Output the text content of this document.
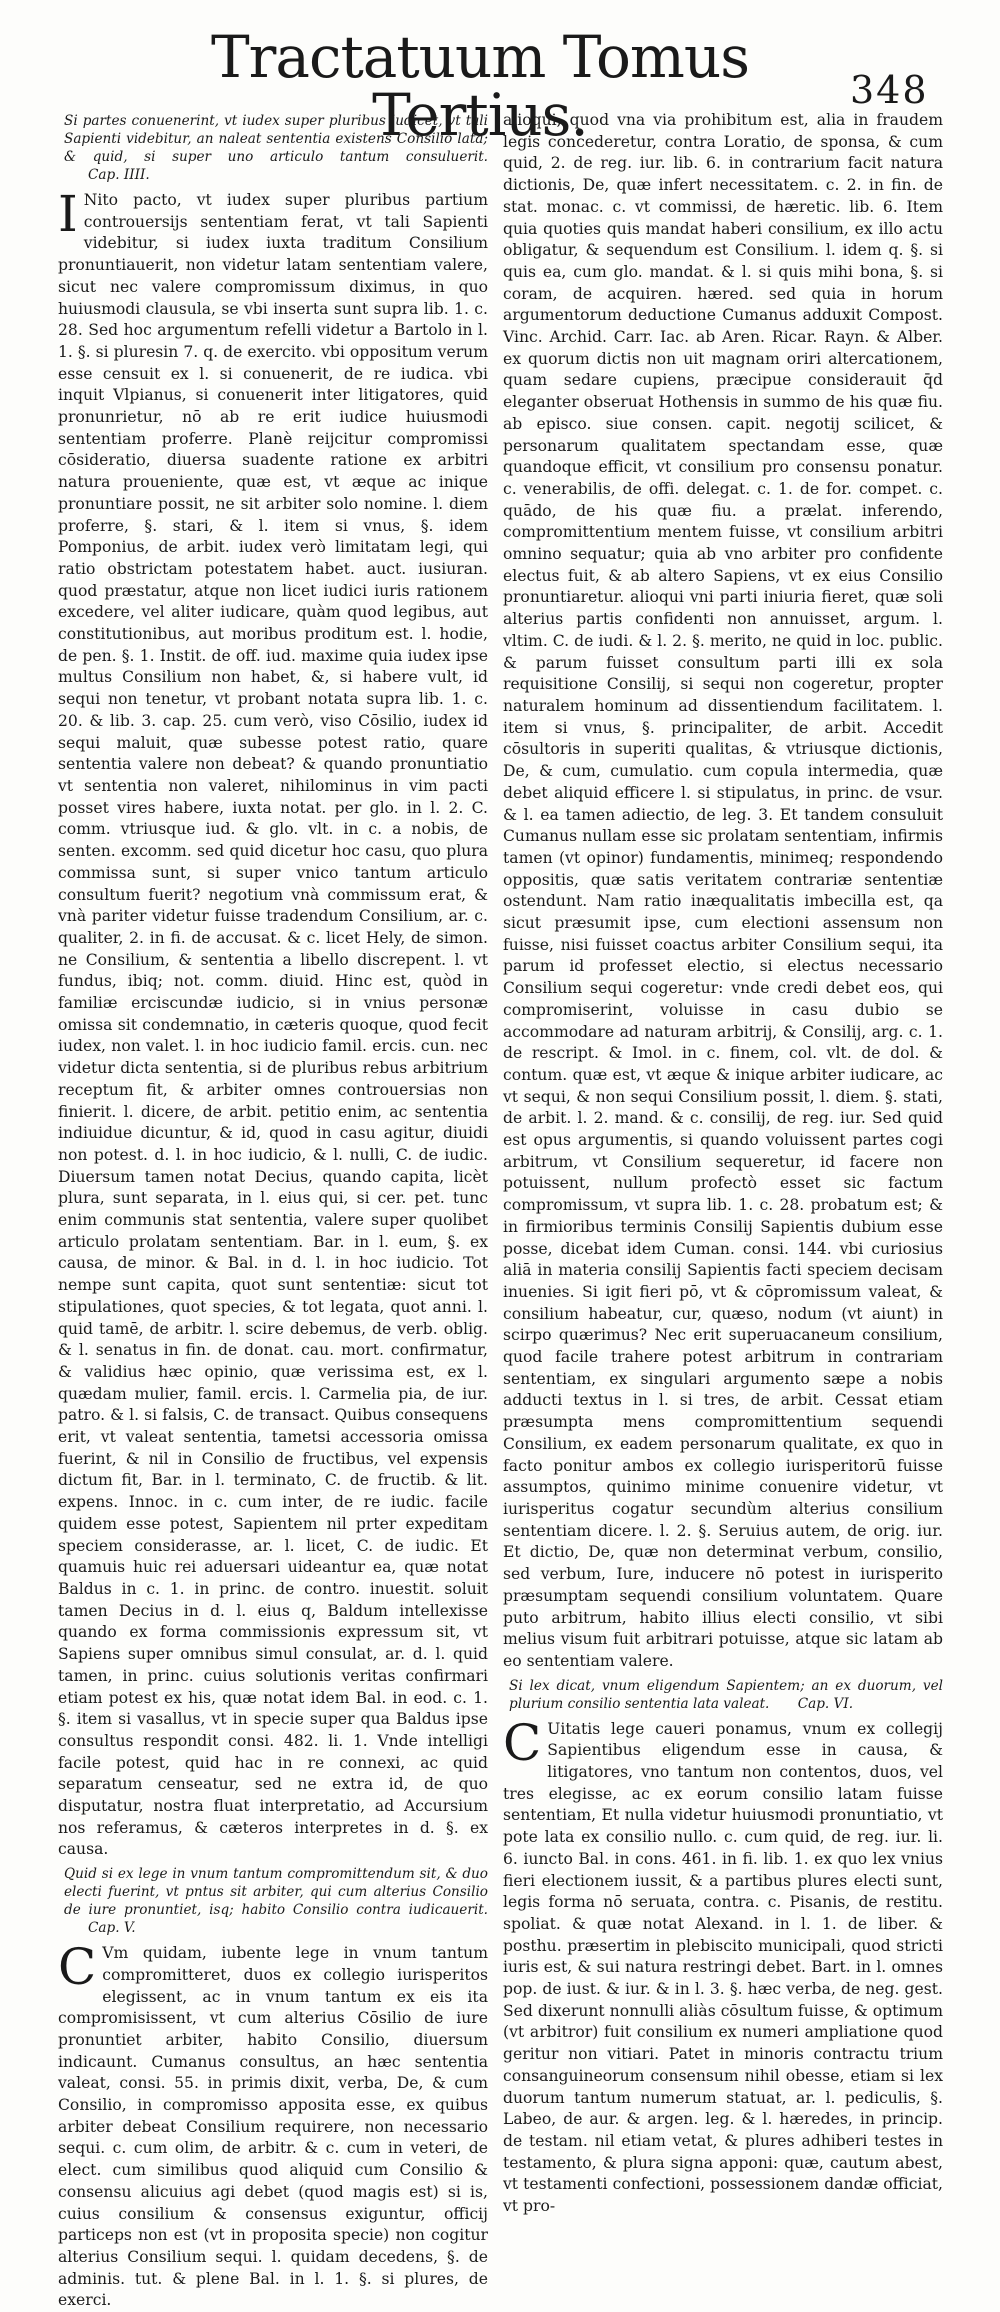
Tractatuum Tomus Tertius.	348
Si partes conuenerint, vt iudex super pluribus iudicet, vt tali Sapienti videbitur, an naleat sententia existens Consilio lata; & quid, si super uno articulo tantum consuluerit. Cap. IIII.

I Nito pacto, vt iudex super pluribus partium controuersijs sententiam ferat, vt tali Sapienti videbitur, si iudex iuxta traditum Consilium pronuntiauerit, non videtur latam sententiam valere, sicut nec valere compromissum diximus, in quo huiusmodi clausula, se vbi inserta sunt supra lib. 1. c. 28. Sed hoc argumentum refelli videtur a Bartolo in l. 1. §. si pluresin 7. q. de exercito. vbi oppositum verum esse censuit ex l. si conuenerit, de re iudica. vbi inquit Vlpianus, si conuenerit inter litigatores, quid pronunrietur, nō ab re erit iudice huiusmodi sententiam proferre. Planè reijcitur compromissi cōsideratio, diuersa suadente ratione ex arbitri natura proueniente, quæ est, vt æque ac inique pronuntiare possit, ne sit arbiter solo nomine. l. diem proferre, §. stari, & l. item si vnus, §. idem Pomponius, de arbit. iudex verò limitatam legi, qui ratio obstrictam potestatem habet. auct. iusiuran. quod præstatur, atque non licet iudici iuris rationem excedere, vel aliter iudicare, quàm quod legibus, aut constitutionibus, aut moribus proditum est. l. hodie, de pen. §. 1. Instit. de off. iud. maxime quia iudex ipse multus Consilium non habet, &, si habere vult, id sequi non tenetur, vt probant notata supra lib. 1. c. 20. & lib. 3. cap. 25. cum verò, viso Cōsilio, iudex id sequi maluit, quæ subesse potest ratio, quare sententia valere non debeat? & quando pronuntiatio vt sententia non valeret, nihilominus in vim pacti posset vires habere, iuxta notat. per glo. in l. 2. C. comm. vtriusque iud. & glo. vlt. in c. a nobis, de senten. excomm. sed quid dicetur hoc casu, quo plura commissa sunt, si super vnico tantum articulo consultum fuerit? negotium vnà commissum erat, & vnà pariter videtur fuisse tradendum Consilium, ar. c. qualiter, 2. in fi. de accusat. & c. licet Hely, de simon. ne Consilium, & sententia a libello discrepent. l. vt fundus, ibiq; not. comm. diuid. Hinc est, quòd in familiæ erciscundæ iudicio, si in vnius personæ omissa sit condemnatio, in cæteris quoque, quod fecit iudex, non valet. l. in hoc iudicio famil. ercis. cun. nec videtur dicta sententia, si de pluribus rebus arbitrium receptum fit, & arbiter omnes controuersias non finierit. l. dicere, de arbit. petitio enim, ac sententia indiuidue dicuntur, & id, quod in casu agitur, diuidi non potest. d. l. in hoc iudicio, & l. nulli, C. de iudic. Diuersum tamen notat Decius, quando capita, licèt plura, sunt separata, in l. eius qui, si cer. pet. tunc enim communis stat sententia, valere super quolibet articulo prolatam sententiam. Bar. in l. eum, §. ex causa, de minor. & Bal. in d. l. in hoc iudicio. Tot nempe sunt capita, quot sunt sententiæ: sicut tot stipulationes, quot species, & tot legata, quot anni. l. quid tamē, de arbitr. l. scire debemus, de verb. oblig. & l. senatus in fin. de donat. cau. mort. confirmatur, & validius hæc opinio, quæ verissima est, ex l. quædam mulier, famil. ercis. l. Carmelia pia, de iur. patro. & l. si falsis, C. de transact. Quibus consequens erit, vt valeat sententia, tametsi accessoria omissa fuerint, & nil in Consilio de fructibus, vel expensis dictum fit, Bar. in l. terminato, C. de fructib. & lit. expens. Innoc. in c. cum inter, de re iudic. facile quidem esse potest, Sapientem nil prter expeditam speciem considerasse, ar. l. licet, C. de iudic. Et quamuis huic rei aduersari uideantur ea, quæ notat Baldus in c. 1. in princ. de contro. inuestit. soluit tamen Decius in d. l. eius q, Baldum intellexisse quando ex forma commissionis expressum sit, vt Sapiens super omnibus simul consulat, ar. d. l. quid tamen, in princ. cuius solutionis veritas confirmari etiam potest ex his, quæ notat idem Bal. in eod. c. 1. §. item si vasallus, vt in specie super qua Baldus ipse consultus respondit consi. 482. li. 1. Vnde intelligi facile potest, quid hac in re connexi, ac quid separatum censeatur, sed ne extra id, de quo disputatur, nostra fluat interpretatio, ad Accursium nos referamus, & cæteros interpretes in d. §. ex causa.

Quid si ex lege in vnum tantum compromittendum sit, & duo electi fuerint, vt pntus sit arbiter, qui cum alterius Consilio de iure pronuntiet, isq; habito Consilio contra iudicauerit. Cap. V.

C Vm quidam, iubente lege in vnum tantum compromitteret, duos ex collegio iurisperitos elegissent, ac in vnum tantum ex eis ita compromisissent, vt cum alterius Cōsilio de iure pronuntiet arbiter, habito Consilio, diuersum indicaunt. Cumanus consultus, an hæc sententia valeat, consi. 55. in primis dixit, verba, De, & cum Consilio, in compromisso apposita esse, ex quibus arbiter debeat Consilium requirere, non necessario sequi. c. cum olim, de arbitr. & c. cum in veteri, de elect. cum similibus quod aliquid cum Consilio & consensu alicuius agi debet (quod magis est) si is, cuius consilium & consensus exiguntur, officij particeps non est (vt in proposita specie) non cogitur alterius Consilium sequi. l. quidam decedens, §. de adminis. tut. & plene Bal. in l. 1. §. si plures, de exerci.

alioqui, quod vna via prohibitum est, alia in fraudem legis concederetur, contra Loratio, de sponsa, & cum quid, 2. de reg. iur. lib. 6. in contrarium facit natura dictionis, De, quæ infert necessitatem. c. 2. in fin. de stat. monac. c. vt commissi, de hæretic. lib. 6. Item quia quoties quis mandat haberi consilium, ex illo actu obligatur, & sequendum est Consilium. l. idem q. §. si quis ea, cum glo. mandat. & l. si quis mihi bona, §. si coram, de acquiren. hæred. sed quia in horum argumentorum deductione Cumanus adduxit Compost. Vinc. Archid. Carr. Iac. ab Aren. Ricar. Rayn. & Alber. ex quorum dictis non uit magnam oriri altercationem, quam sedare cupiens, præcipue considerauit q̄d eleganter obseruat Hothensis in summo de his quæ fiu. ab episco. siue consen. capit. negotij scilicet, & personarum qualitatem spectandam esse, quæ quandoque efficit, vt consilium pro consensu ponatur. c. venerabilis, de offi. delegat. c. 1. de for. compet. c. quādo, de his quæ fiu. a prælat. inferendo, compromittentium mentem fuisse, vt consilium arbitri omnino sequatur; quia ab vno arbiter pro confidente electus fuit, & ab altero Sapiens, vt ex eius Consilio pronuntiaretur. alioqui vni parti iniuria fieret, quæ soli alterius partis confidenti non annuisset, argum. l. vltim. C. de iudi. & l. 2. §. merito, ne quid in loc. public. & parum fuisset consultum parti illi ex sola requisitione Consilij, si sequi non cogeretur, propter naturalem hominum ad dissentiendum facilitatem. l. item si vnus, §. principaliter, de arbit. Accedit cōsultoris in superiti qualitas, & vtriusque dictionis, De, & cum, cumulatio. cum copula intermedia, quæ debet aliquid efficere l. si stipulatus, in princ. de vsur. & l. ea tamen adiectio, de leg. 3. Et tandem consuluit Cumanus nullam esse sic prolatam sententiam, infirmis tamen (vt opinor) fundamentis, minimeq; respondendo oppositis, quæ satis veritatem contrariæ sententiæ ostendunt. Nam ratio inæqualitatis imbecilla est, qa sicut præsumit ipse, cum electioni assensum non fuisse, nisi fuisset coactus arbiter Consilium sequi, ita parum id professet electio, si electus necessario Consilium sequi cogeretur: vnde credi debet eos, qui compromiserint, voluisse in casu dubio se accommodare ad naturam arbitrij, & Consilij, arg. c. 1. de rescript. & Imol. in c. finem, col. vlt. de dol. & contum. quæ est, vt æque & inique arbiter iudicare, ac vt sequi, & non sequi Consilium possit, l. diem. §. stati, de arbit. l. 2. mand. & c. consilij, de reg. iur. Sed quid est opus argumentis, si quando voluissent partes cogi arbitrum, vt Consilium sequeretur, id facere non potuissent, nullum profectò esset sic factum compromissum, vt supra lib. 1. c. 28. probatum est; & in firmioribus terminis Consilij Sapientis dubium esse posse, dicebat idem Cuman. consi. 144. vbi curiosius aliā in materia consilij Sapientis facti speciem decisam inuenies. Si igit fieri pō, vt & cōpromissum valeat, & consilium habeatur, cur, quæso, nodum (vt aiunt) in scirpo quærimus? Nec erit superuacaneum consilium, quod facile trahere potest arbitrum in contrariam sententiam, ex singulari argumento sæpe a nobis adducti textus in l. si tres, de arbit. Cessat etiam præsumpta mens compromittentium sequendi Consilium, ex eadem personarum qualitate, ex quo in facto ponitur ambos ex collegio iurisperitorū fuisse assumptos, quinimo minime conuenire videtur, vt iurisperitus cogatur secundùm alterius consilium sententiam dicere. l. 2. §. Seruius autem, de orig. iur. Et dictio, De, quæ non determinat verbum, consilio, sed verbum, Iure, inducere nō potest in iurisperito præsumptam sequendi consilium voluntatem. Quare puto arbitrum, habito illius electi consilio, vt sibi melius visum fuit arbitrari potuisse, atque sic latam ab eo sententiam valere.

Si lex dicat, vnum eligendum Sapientem; an ex duorum, vel plurium consilio sententia lata valeat. Cap. VI.

C Uitatis lege caueri ponamus, vnum ex collegij Sapientibus eligendum esse in causa, & litigatores, vno tantum non contentos, duos, vel tres elegisse, ac ex eorum consilio latam fuisse sententiam, Et nulla videtur huiusmodi pronuntiatio, vt pote lata ex consilio nullo. c. cum quid, de reg. iur. li. 6. iuncto Bal. in cons. 461. in fi. lib. 1. ex quo lex vnius fieri electionem iussit, & a partibus plures electi sunt, legis forma nō seruata, contra. c. Pisanis, de restitu. spoliat. & quæ notat Alexand. in l. 1. de liber. & posthu. præsertim in plebiscito municipali, quod stricti iuris est, & sui natura restringi debet. Bart. in l. omnes pop. de iust. & iur. & in l. 3. §. hæc verba, de neg. gest. Sed dixerunt nonnulli aliàs cōsultum fuisse, & optimum (vt arbitror) fuit consilium ex numeri ampliatione quod geritur non vitiari. Patet in minoris contractu trium consanguineorum consensum nihil obesse, etiam si lex duorum tantum numerum statuat, ar. l. pediculis, §. Labeo, de aur. & argen. leg. & l. hæredes, in princip. de testam. nil etiam vetat, & plures adhiberi testes in testamento, & plura signa apponi: quæ, cautum abest, vt testamenti confectioni, possessionem dandæ officiat, vt pro-
